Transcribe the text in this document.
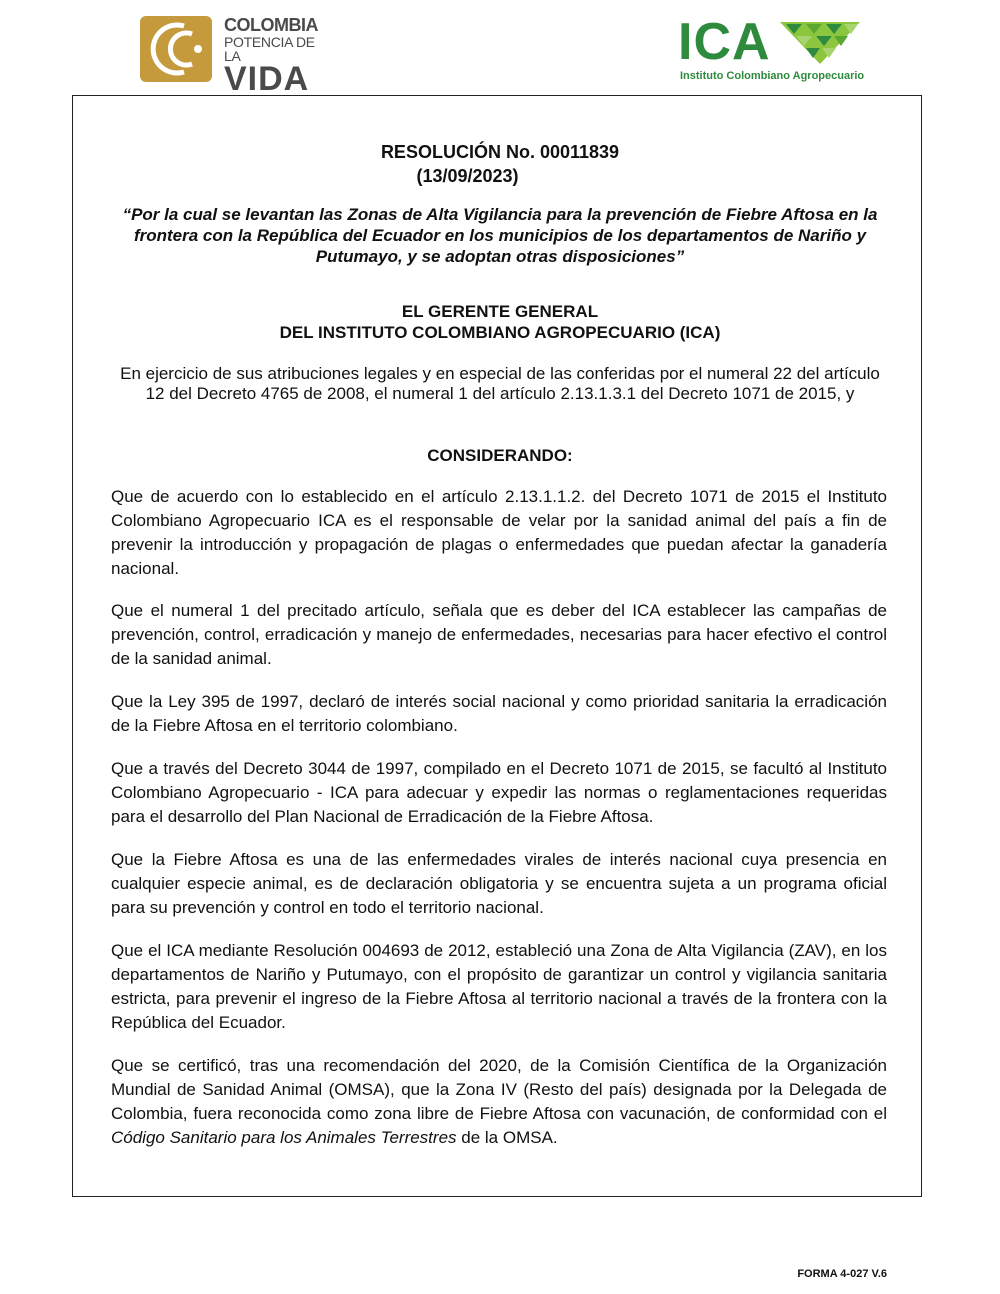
COLOMBIA
POTENCIA DE LA
VIDA
ICA
Instituto Colombiano Agropecuario
RESOLUCIÓN No. 00011839
(13/09/2023)
“Por la cual se levantan las Zonas de Alta Vigilancia para la prevención de Fiebre Aftosa en la frontera con la República del Ecuador en los municipios de los departamentos de Nariño y Putumayo, y se adoptan otras disposiciones”
EL GERENTE GENERAL
DEL INSTITUTO COLOMBIANO AGROPECUARIO (ICA)
En ejercicio de sus atribuciones legales y en especial de las conferidas por el numeral 22 del artículo 12 del Decreto 4765 de 2008, el numeral 1 del artículo 2.13.1.3.1 del Decreto 1071 de 2015, y
CONSIDERANDO:
Que de acuerdo con lo establecido en el artículo 2.13.1.1.2. del Decreto 1071 de 2015 el Instituto Colombiano Agropecuario ICA es el responsable de velar por la sanidad animal del país a fin de prevenir la introducción y propagación de plagas o enfermedades que puedan afectar la ganadería nacional.
Que el numeral 1 del precitado artículo, señala que es deber del ICA establecer las campañas de prevención, control, erradicación y manejo de enfermedades, necesarias para hacer efectivo el control de la sanidad animal.
Que la Ley 395 de 1997, declaró de interés social nacional y como prioridad sanitaria la erradicación de la Fiebre Aftosa en el territorio colombiano.
Que a través del Decreto 3044 de 1997, compilado en el Decreto 1071 de 2015, se facultó al Instituto Colombiano Agropecuario - ICA para adecuar y expedir las normas o reglamentaciones requeridas para el desarrollo del Plan Nacional de Erradicación de la Fiebre Aftosa.
Que la Fiebre Aftosa es una de las enfermedades virales de interés nacional cuya presencia en cualquier especie animal, es de declaración obligatoria y se encuentra sujeta a un programa oficial para su prevención y control en todo el territorio nacional.
Que el ICA mediante Resolución 004693 de 2012, estableció una Zona de Alta Vigilancia (ZAV), en los departamentos de Nariño y Putumayo, con el propósito de garantizar un control y vigilancia sanitaria estricta, para prevenir el ingreso de la Fiebre Aftosa al territorio nacional a través de la frontera con la República del Ecuador.
Que se certificó, tras una recomendación del 2020, de la Comisión Científica de la Organización Mundial de Sanidad Animal (OMSA), que la Zona IV (Resto del país) designada por la Delegada de Colombia, fuera reconocida como zona libre de Fiebre Aftosa con vacunación, de conformidad con el Código Sanitario para los Animales Terrestres de la OMSA.
FORMA 4-027 V.6
